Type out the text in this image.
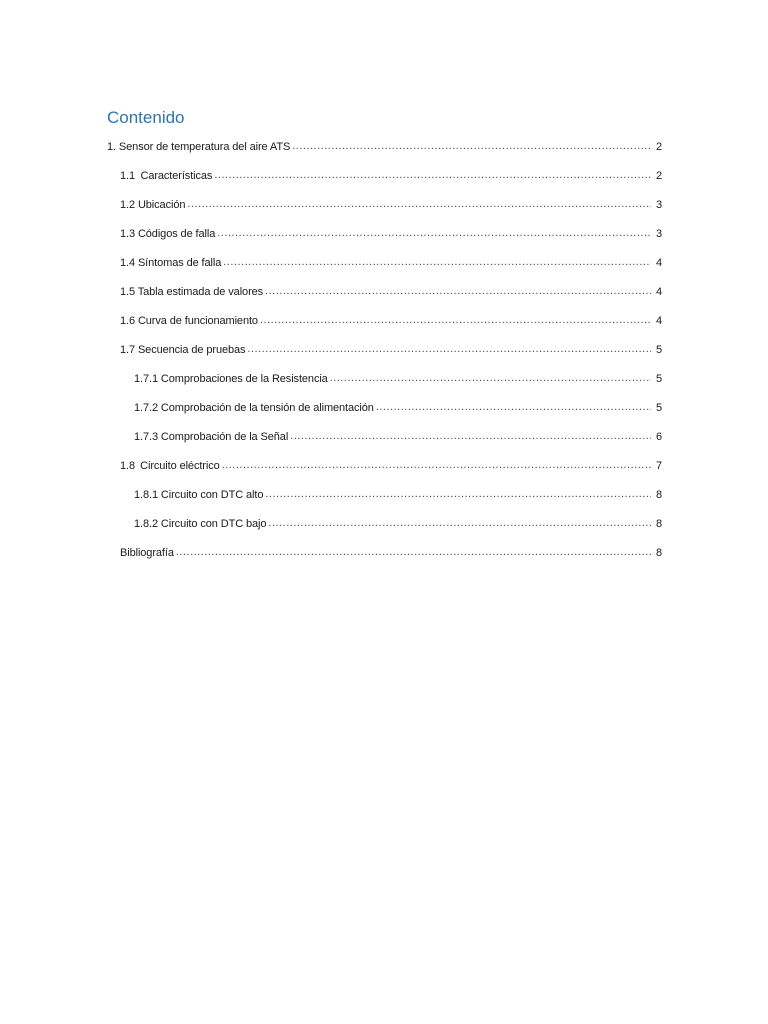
Contenido
1. Sensor de temperatura del aire ATS .....	2
1.1 Características .....	2
1.2 Ubicación .....	3
1.3 Códigos de falla .....	3
1.4 Síntomas de falla .....	4
1.5 Tabla estimada de valores .....	4
1.6 Curva de funcionamiento .....	4
1.7 Secuencia de pruebas .....	5
1.7.1 Comprobaciones de la Resistencia .....	5
1.7.2 Comprobación de la tensión de alimentación .....	5
1.7.3 Comprobación de la Señal .....	6
1.8 Circuito eléctrico .....	7
1.8.1 Circuito con DTC alto .....	8
1.8.2 Circuito con DTC bajo .....	8
Bibliografía .....	8
